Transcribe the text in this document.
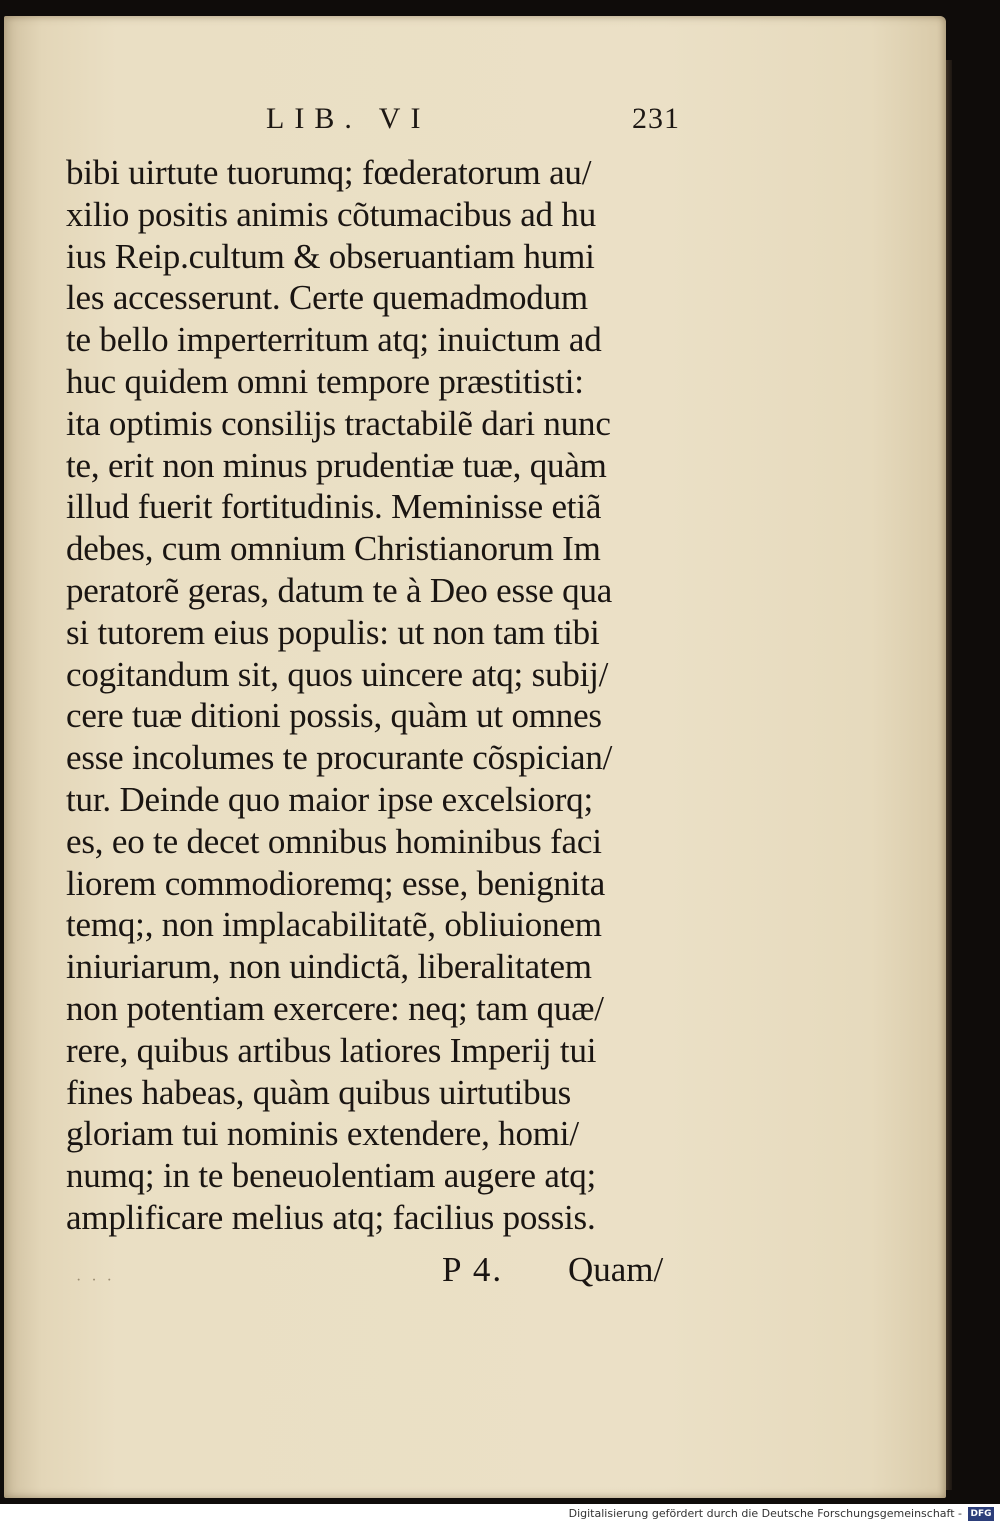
LIB. VI	231
bibi uirtute tuorumq; fœderatorum au/
xilio positis animis cõtumacibus ad hu
ius Reip.cultum & obseruantiam humi
les accesserunt. Certe quemadmodum
te bello imperterritum atq; inuictum ad
huc quidem omni tempore præstitisti:
ita optimis consilijs tractabilẽ dari nunc
te, erit non minus prudentiæ tuæ, quàm
illud fuerit fortitudinis. Meminisse etiã
debes, cum omnium Christianorum Im
peratorẽ geras, datum te à Deo esse qua
si tutorem eius populis: ut non tam tibi
cogitandum sit, quos uincere atq; subij/
cere tuæ ditioni possis, quàm ut omnes
esse incolumes te procurante cõspician/
tur. Deinde quo maior ipse excelsiorq;
es, eo te decet omnibus hominibus faci
liorem commodioremq; esse, benignita
temq;, non implacabilitatẽ, obliuionem
iniuriarum, non uindictã, liberalitatem
non potentiam exercere: neq; tam quæ/
rere, quibus artibus latiores Imperij tui
fines habeas, quàm quibus uirtutibus
gloriam tui nominis extendere, homi/
numq; in te beneuolentiam augere atq;
amplificare melius atq; facilius possis.
· · ·	P 4. Quam/
Digitalisierung gefördert durch die Deutsche Forschungsgemeinschaft - DFG
